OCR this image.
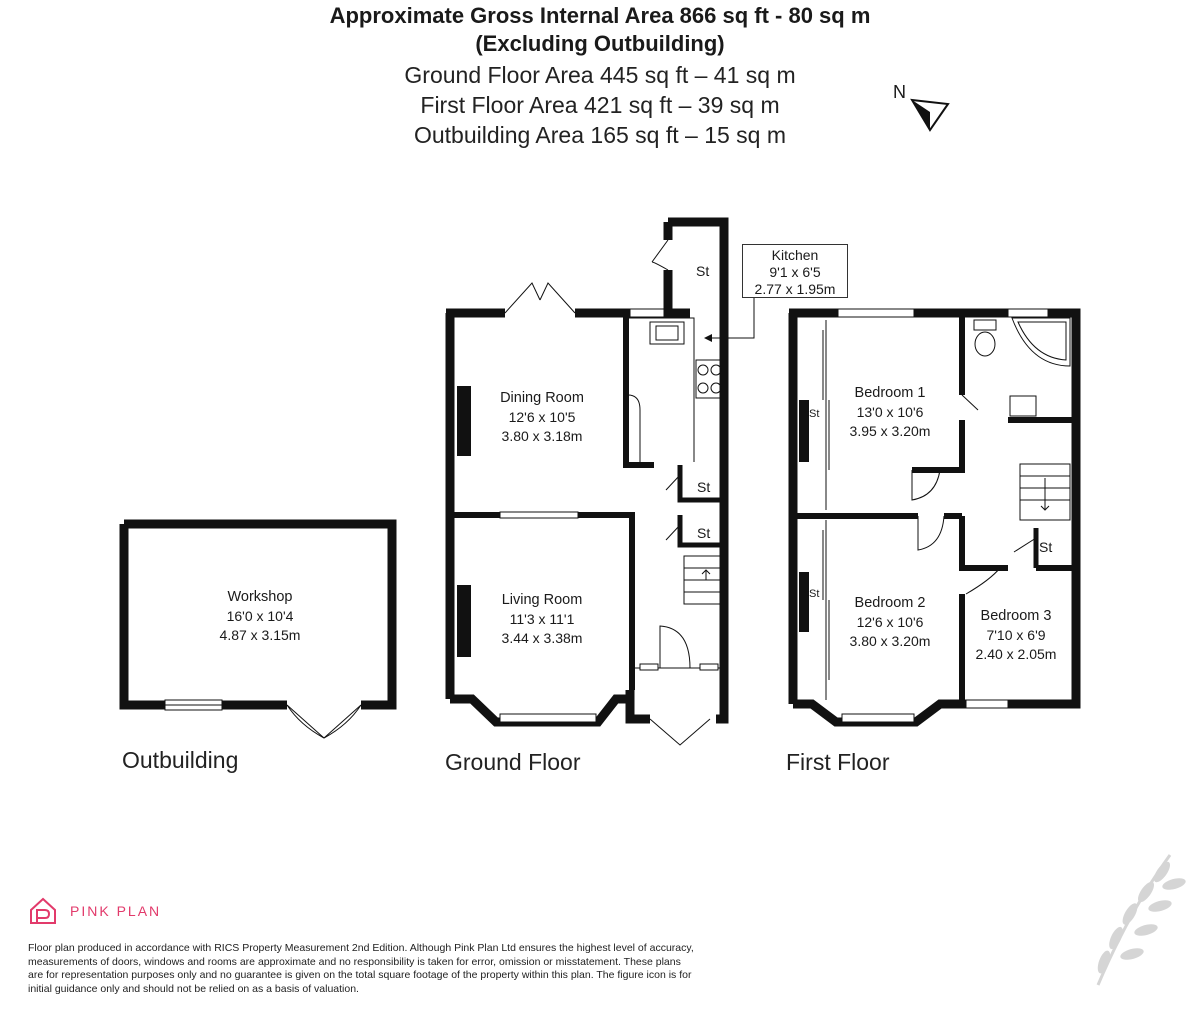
Approximate Gross Internal Area 866 sq ft - 80 sq m
(Excluding Outbuilding)
Ground Floor Area 445 sq ft – 41 sq m
First Floor Area 421 sq ft – 39 sq m
Outbuilding Area 165 sq ft – 15 sq m
N
Outbuilding	Ground Floor	First Floor
Workshop
16'0 x 10'4
4.87 x 3.15m
Dining Room
12'6 x 10'5
3.80 x 3.18m
Living Room
11'3 x 11'1
3.44 x 3.38m
Kitchen
9'1 x 6'5
2.77 x 1.95m
Bedroom 1
13'0 x 10'6
3.95 x 3.20m
Bedroom 2
12'6 x 10'6
3.80 x 3.20m
Bedroom 3
7'10 x 6'9
2.40 x 2.05m
St
St
St
St
St
St
PINK PLAN
Floor plan produced in accordance with RICS Property Measurement 2nd Edition. Although Pink Plan Ltd ensures the highest level of accuracy, measurements of doors, windows and rooms are approximate and no responsibility is taken for error, omission or misstatement. These plans are for representation purposes only and no guarantee is given on the total square footage of the property within this plan. The figure icon is for initial guidance only and should not be relied on as a basis of valuation.
